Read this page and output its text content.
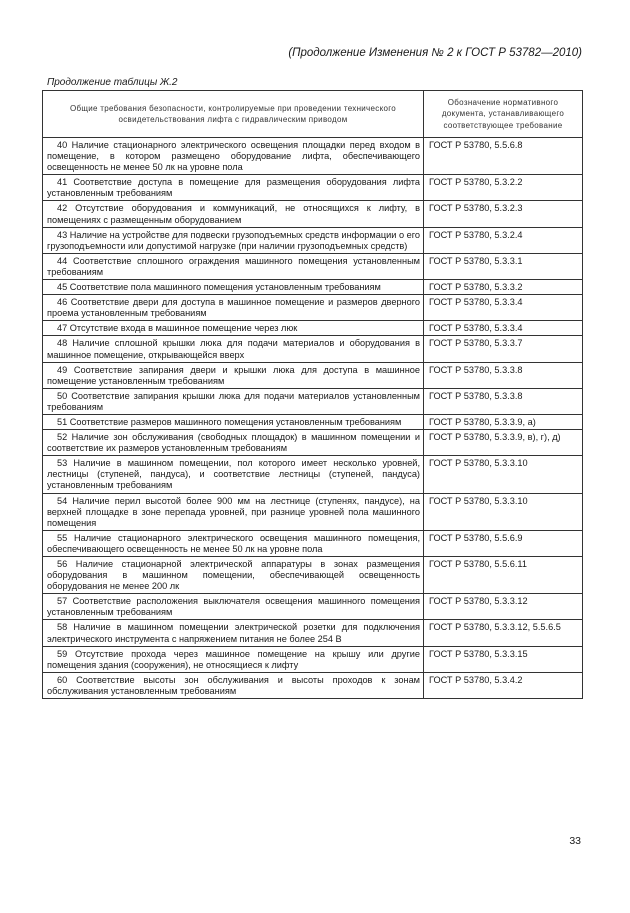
(Продолжение Изменения № 2 к ГОСТ Р 53782—2010)
Продолжение таблицы Ж.2
Общие требования безопасности, контролируемые при проведении технического освидетельствования лифта с гидравлическим приводом	Обозначение нормативного документа, устанавливающего соответствующее требование
40 Наличие стационарного электрического освещения площадки перед входом в помещение, в котором размещено оборудование лифта, обеспечивающего освещенность не менее 50 лк на уровне пола	ГОСТ Р 53780, 5.5.6.8
41 Соответствие доступа в помещение для размещения оборудования лифта установленным требованиям	ГОСТ Р 53780, 5.3.2.2
42 Отсутствие оборудования и коммуникаций, не относящихся к лифту, в помещениях с размещенным оборудованием	ГОСТ Р 53780, 5.3.2.3
43 Наличие на устройстве для подвески грузоподъемных средств информации о его грузоподъемности или допустимой нагрузке (при наличии грузоподъемных средств)	ГОСТ Р 53780, 5.3.2.4
44 Соответствие сплошного ограждения машинного помещения установленным требованиям	ГОСТ Р 53780, 5.3.3.1
45 Соответствие пола машинного помещения установленным требованиям	ГОСТ Р 53780, 5.3.3.2
46 Соответствие двери для доступа в машинное помещение и размеров дверного проема установленным требованиям	ГОСТ Р 53780, 5.3.3.4
47 Отсутствие входа в машинное помещение через люк	ГОСТ Р 53780, 5.3.3.4
48 Наличие сплошной крышки люка для подачи материалов и оборудования в машинное помещение, открывающейся вверх	ГОСТ Р 53780, 5.3.3.7
49 Соответствие запирания двери и крышки люка для доступа в машинное помещение установленным требованиям	ГОСТ Р 53780, 5.3.3.8
50 Соответствие запирания крышки люка для подачи материалов установленным требованиям	ГОСТ Р 53780, 5.3.3.8
51 Соответствие размеров машинного помещения установленным требованиям	ГОСТ Р 53780, 5.3.3.9, а)
52 Наличие зон обслуживания (свободных площадок) в машинном помещении и соответствие их размеров установленным требованиям	ГОСТ Р 53780, 5.3.3.9, в), г), д)
53 Наличие в машинном помещении, пол которого имеет несколько уровней, лестницы (ступеней, пандуса), и соответствие лестницы (ступеней, пандуса) установленным требованиям	ГОСТ Р 53780, 5.3.3.10
54 Наличие перил высотой более 900 мм на лестнице (ступенях, пандусе), на верхней площадке в зоне перепада уровней, при разнице уровней пола машинного помещения	ГОСТ Р 53780, 5.3.3.10
55 Наличие стационарного электрического освещения машинного помещения, обеспечивающего освещенность не менее 50 лк на уровне пола	ГОСТ Р 53780, 5.5.6.9
56 Наличие стационарной электрической аппаратуры в зонах размещения оборудования в машинном помещении, обеспечивающей освещенность оборудования не менее 200 лк	ГОСТ Р 53780, 5.5.6.11
57 Соответствие расположения выключателя освещения машинного помещения установленным требованиям	ГОСТ Р 53780, 5.3.3.12
58 Наличие в машинном помещении электрической розетки для подключения электрического инструмента с напряжением питания не более 254 В	ГОСТ Р 53780, 5.3.3.12, 5.5.6.5
59 Отсутствие прохода через машинное помещение на крышу или другие помещения здания (сооружения), не относящиеся к лифту	ГОСТ Р 53780, 5.3.3.15
60 Соответствие высоты зон обслуживания и высоты проходов к зонам обслуживания установленным требованиям	ГОСТ Р 53780, 5.3.4.2
33
